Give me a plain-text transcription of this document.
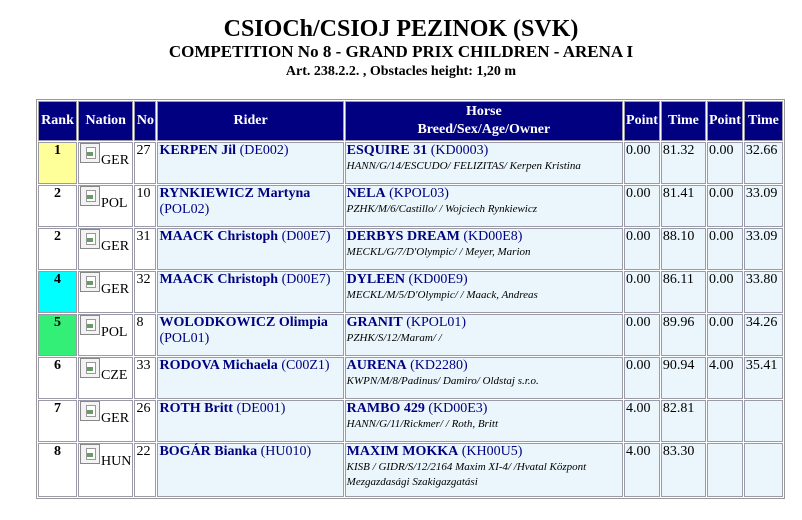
CSIOCh/CSIOJ PEZINOK (SVK)
COMPETITION No 8 - GRAND PRIX CHILDREN - ARENA I
Art. 238.2.2. , Obstacles height: 1,20 m
Rank	Nation	No	Rider	Horse
Breed/Sex/Age/Owner	Point	Time	Point	Time
1	GER	27	KERPEN Jil (DE002)	ESQUIRE 31 (KD0003)
HANN/G/14/ESCUDO/ FELIZITAS/ Kerpen Kristina	0.00	81.32	0.00	32.66
2	POL	10	RYNKIEWICZ Martyna (POL02)	NELA (KPOL03)
PZHK/M/6/Castillo/ / Wojciech Rynkiewicz	0.00	81.41	0.00	33.09
2	GER	31	MAACK Christoph (D00E7)	DERBYS DREAM (KD00E8)
MECKL/G/7/D'Olympic/ / Meyer, Marion	0.00	88.10	0.00	33.09
4	GER	32	MAACK Christoph (D00E7)	DYLEEN (KD00E9)
MECKL/M/5/D'Olympic/ / Maack, Andreas	0.00	86.11	0.00	33.80
5	POL	8	WOLODKOWICZ Olimpia (POL01)	GRANIT (KPOL01)
PZHK/S/12/Maram/ /	0.00	89.96	0.00	34.26
6	CZE	33	RODOVA Michaela (C00Z1)	AURENA (KD2280)
KWPN/M/8/Padinus/ Damiro/ Oldstaj s.r.o.	0.00	90.94	4.00	35.41
7	GER	26	ROTH Britt (DE001)	RAMBO 429 (KD00E3)
HANN/G/11/Rickmer/ / Roth, Britt	4.00	82.81		
8	HUN	22	BOGÁR Bianka (HU010)	MAXIM MOKKA (KH00U5)
KISB / GIDR/S/12/2164 Maxim XI-4/ /Hvatal Központ Mezgazdasági Szakigazgatási	4.00	83.30		
